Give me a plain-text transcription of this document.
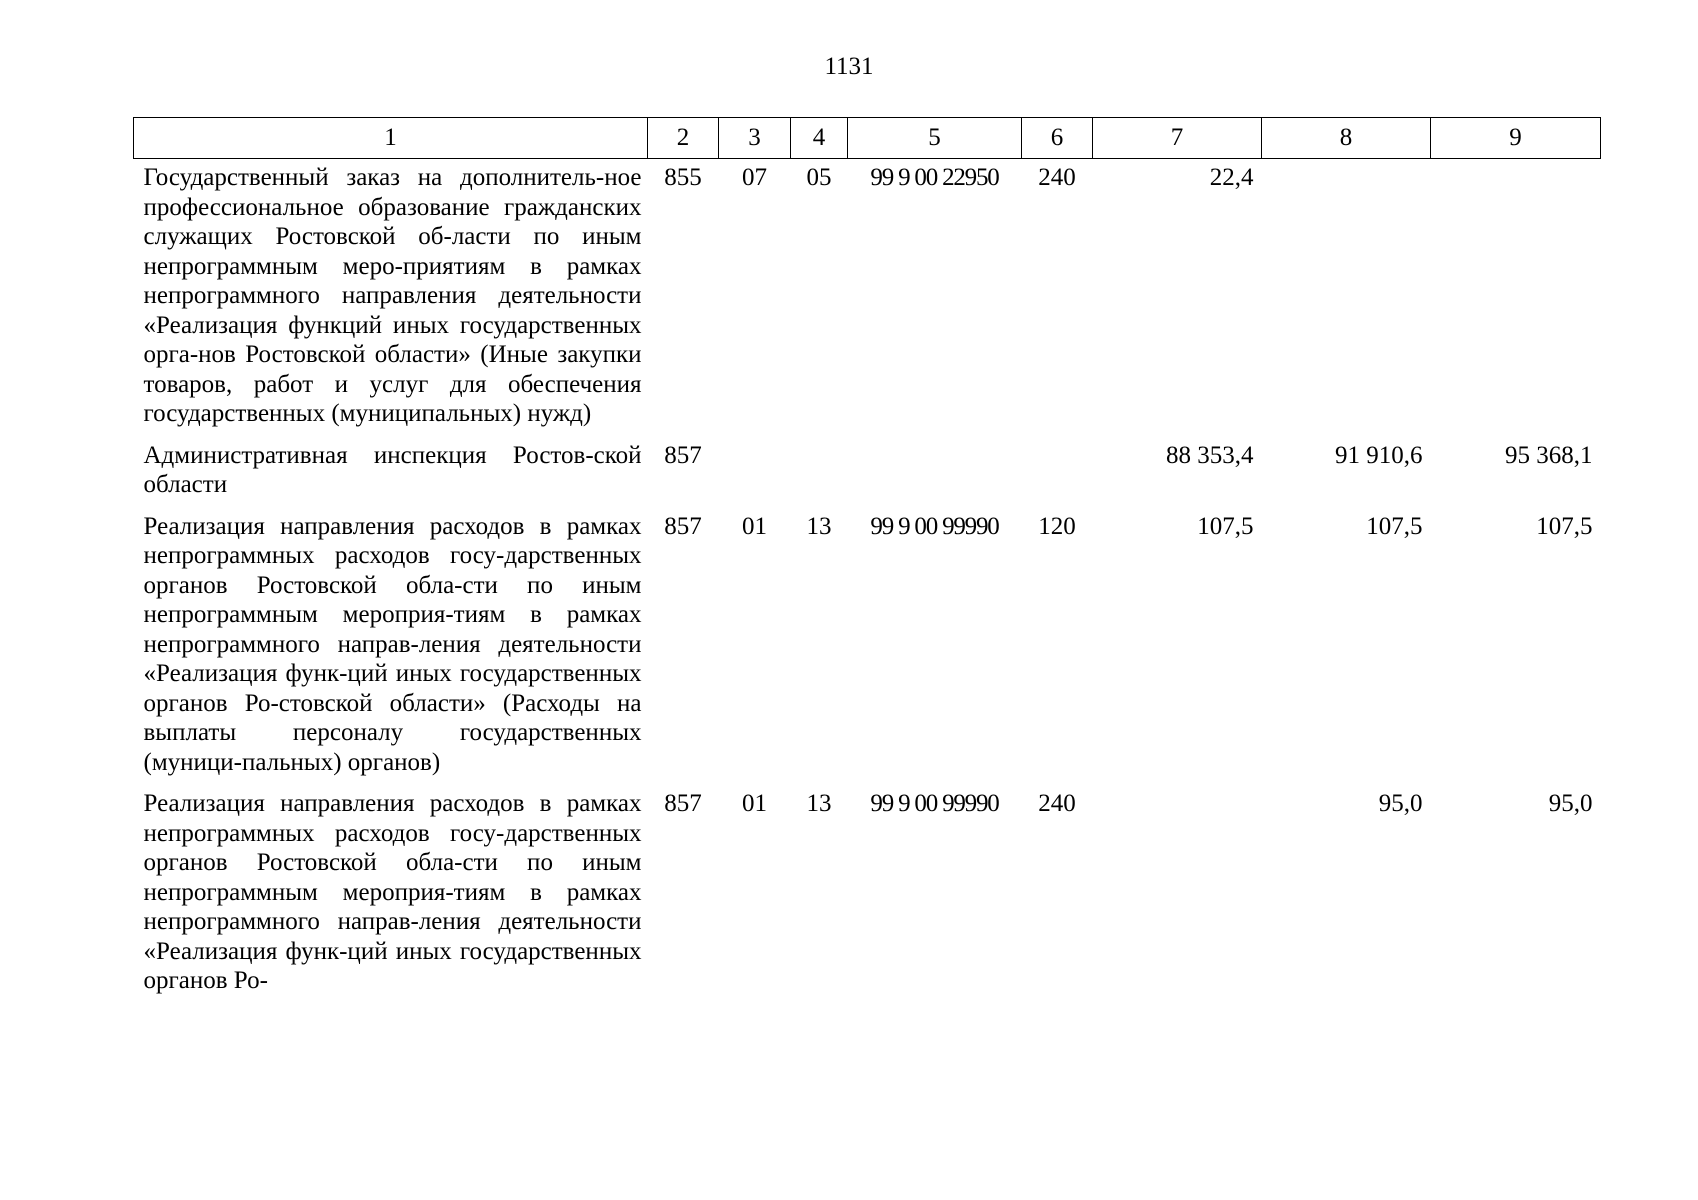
1131
1	2	3	4	5	6	7	8	9

Государственный заказ на дополнитель-ное профессиональное образование гражданских служащих Ростовской об-ласти по иным непрограммным меро-приятиям в рамках непрограммного направления деятельности «Реализация функций иных государственных орга-нов Ростовской области» (Иные закупки товаров, работ и услуг для обеспечения государственных (муниципальных) нужд)	855	07	05	99 9 00 22950	240	22,4		

Административная инспекция Ростов-ской области	857					88 353,4	91 910,6	95 368,1

Реализация направления расходов в рамках непрограммных расходов госу-дарственных органов Ростовской обла-сти по иным непрограммным мероприя-тиям в рамках непрограммного направ-ления деятельности «Реализация функ-ций иных государственных органов Ро-стовской области» (Расходы на выплаты персоналу государственных (муници-пальных) органов)	857	01	13	99 9 00 99990	120	107,5	107,5	107,5

Реализация направления расходов в рамках непрограммных расходов госу-дарственных органов Ростовской обла-сти по иным непрограммным мероприя-тиям в рамках непрограммного направ-ления деятельности «Реализация функ-ций иных государственных органов Ро-	857	01	13	99 9 00 99990	240		95,0	95,0
